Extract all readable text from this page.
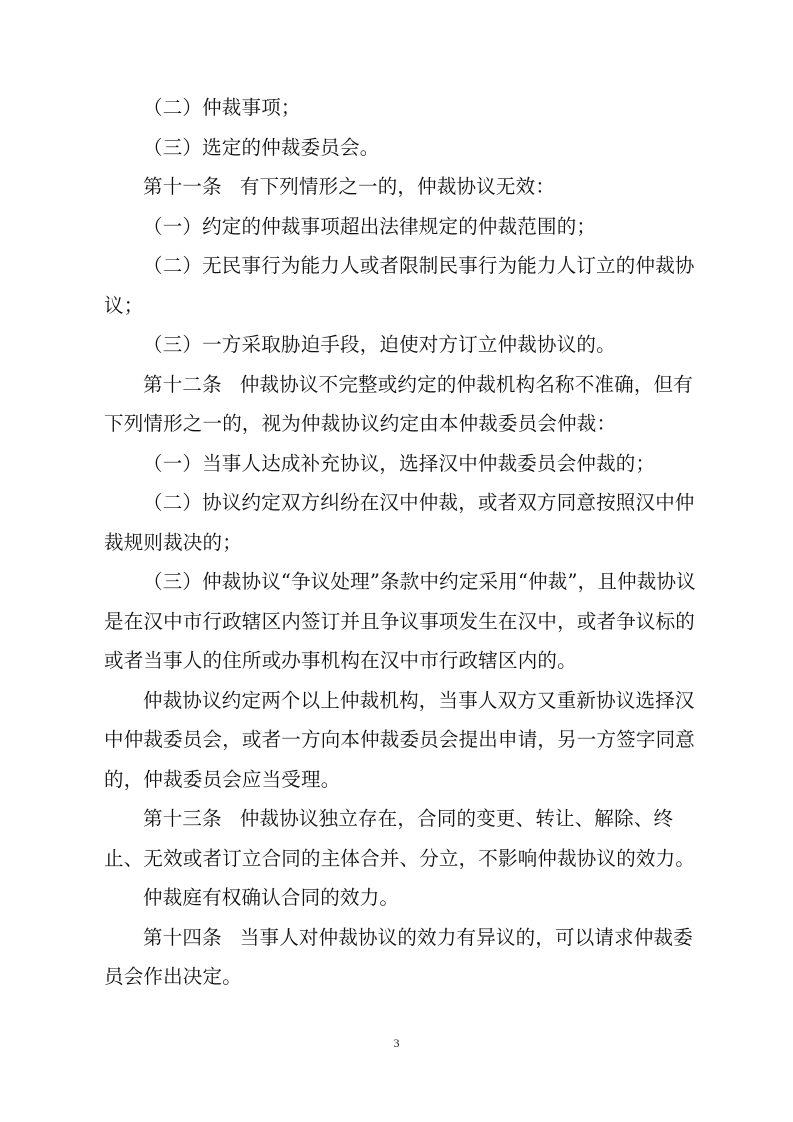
（二）仲裁事项；

（三）选定的仲裁委员会。

第十一条 有下列情形之一的，仲裁协议无效：

（一）约定的仲裁事项超出法律规定的仲裁范围的；

（二）无民事行为能力人或者限制民事行为能力人订立的仲裁协议；

（三）一方采取胁迫手段，迫使对方订立仲裁协议的。

第十二条 仲裁协议不完整或约定的仲裁机构名称不准确，但有下列情形之一的，视为仲裁协议约定由本仲裁委员会仲裁：

（一）当事人达成补充协议，选择汉中仲裁委员会仲裁的；

（二）协议约定双方纠纷在汉中仲裁，或者双方同意按照汉中仲裁规则裁决的；

（三）仲裁协议“争议处理”条款中约定采用“仲裁”，且仲裁协议是在汉中市行政辖区内签订并且争议事项发生在汉中，或者争议标的或者当事人的住所或办事机构在汉中市行政辖区内的。

仲裁协议约定两个以上仲裁机构，当事人双方又重新协议选择汉中仲裁委员会，或者一方向本仲裁委员会提出申请，另一方签字同意的，仲裁委员会应当受理。

第十三条 仲裁协议独立存在，合同的变更、转让、解除、终止、无效或者订立合同的主体合并、分立，不影响仲裁协议的效力。

仲裁庭有权确认合同的效力。

第十四条 当事人对仲裁协议的效力有异议的，可以请求仲裁委员会作出决定。

3
